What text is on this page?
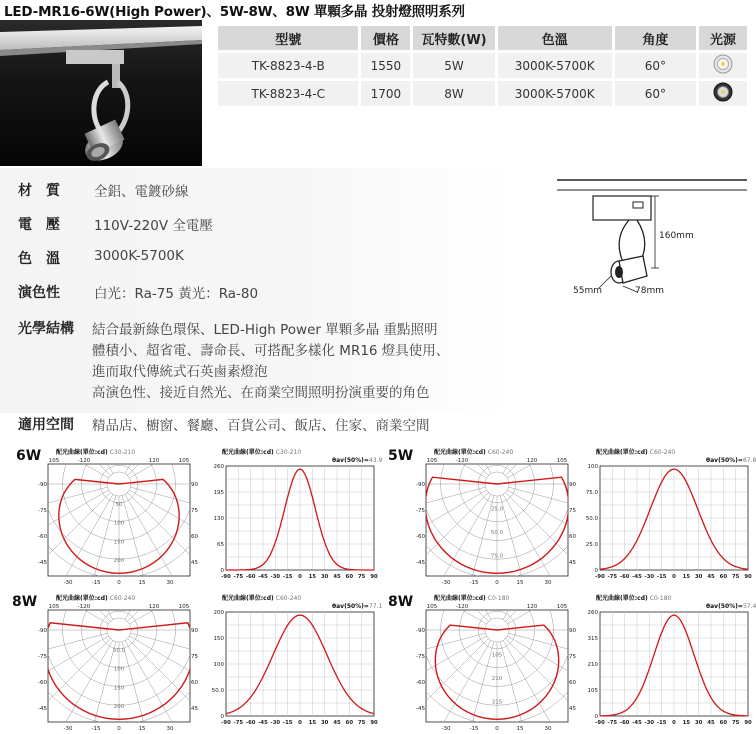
LED-MR16-6W(High Power)、5W-8W、8W 單顆多晶 投射燈照明系列
型號	價格	瓦特數(W)	色溫	角度	光源
TK-8823-4-B	1550	5W	3000K-5700K	60°	
TK-8823-4-C	1700	8W	3000K-5700K	60°	
材　質	全鋁、電鍍砂線
電　壓	110V-220V 全電壓
色　溫	3000K-5700K
演色性	白光：Ra-75 黃光：Ra-80
光學結構 結合最新綠色環保、LED-High Power 單顆多晶 重點照明
體積小、超省電、壽命長、可搭配多樣化 MR16 燈具使用、
進而取代傳統式石英鹵素燈泡
高演色性、接近自然光、在商業空間照明扮演重要的角色
適用空間 精品店、櫥窗、餐廳、百貨公司、飯店、住家、商業空間
160mm
55mm	78mm
6W	5W
8W	8W
配光曲線(單位:cd) C30-210
50
100
150
200
105	-120	120	105
-90
-75
-60
-45
90
75
60
45
-30	-15	0	15	30
配光曲線(單位:cd) C30-210
θav(50%)=43.9
260
195
130
65
0
-90 -75 -60 -45 -30 -15 0 15 30 45 60 75 90
配光曲線(單位:cd) C60-240
25.0
50.0
75.0
105	-120	120	105
-90
-75
-60
-45
90
75
60
45
-30	-15	0	15	30
配光曲線(單位:cd) C60-240
θav(50%)=67.8
100
75.0
50.0
25.0
0
-90 -75 -60 -45 -30 -15 0 15 30 45 60 75 90
配光曲線(單位:cd) C60-240
50.0
100
150
200
105	-120	120	105
-90
-75
-60
-45
90
75
60
45
-30	-15	0	15	30
配光曲線(單位:cd) C60-240
θav(50%)=77.1
200
150
100
50.0
0
-90 -75 -60 -45 -30 -15 0 15 30 45 60 75 90
配光曲線(單位:cd) C0-180
105
210
315
105	-120	120	105
-90
-75
-60
-45
90
75
60
45
-30	-15	0	15	30
配光曲線(單位:cd) C0-180
θav(50%)=57.4
260
315
210
105
0
-90 -75 -60 -45 -30 -15 0 15 30 45 60 75 90
